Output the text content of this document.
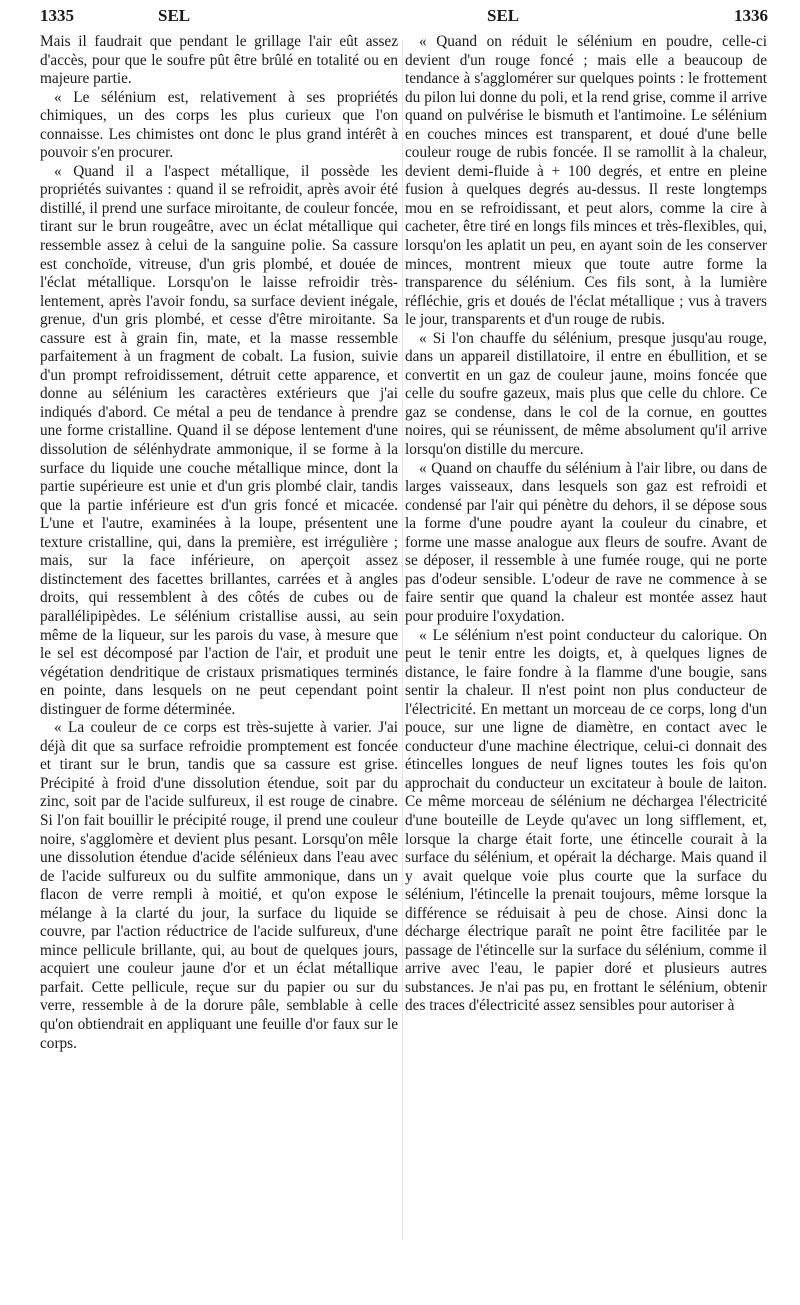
1335	SEL	SEL	1336

Mais il faudrait que pendant le grillage l'air eût assez d'accès, pour que le soufre pût être brûlé en totalité ou en majeure partie.

« Le sélénium est, relativement à ses propriétés chimiques, un des corps les plus curieux que l'on connaisse. Les chimistes ont donc le plus grand intérêt à pouvoir s'en procurer.

« Quand il a l'aspect métallique, il possède les propriétés suivantes : quand il se refroidit, après avoir été distillé, il prend une surface miroitante, de couleur foncée, tirant sur le brun rougeâtre, avec un éclat métallique qui ressemble assez à celui de la sanguine polie. Sa cassure est conchoïde, vitreuse, d'un gris plombé, et douée de l'éclat métallique. Lorsqu'on le laisse refroidir très-lentement, après l'avoir fondu, sa surface devient inégale, grenue, d'un gris plombé, et cesse d'être miroitante. Sa cassure est à grain fin, mate, et la masse ressemble parfaitement à un fragment de cobalt. La fusion, suivie d'un prompt refroidissement, détruit cette apparence, et donne au sélénium les caractères extérieurs que j'ai indiqués d'abord. Ce métal a peu de tendance à prendre une forme cristalline. Quand il se dépose lentement d'une dissolution de sélénhydrate ammonique, il se forme à la surface du liquide une couche métallique mince, dont la partie supérieure est unie et d'un gris plombé clair, tandis que la partie inférieure est d'un gris foncé et micacée. L'une et l'autre, examinées à la loupe, présentent une texture cristalline, qui, dans la première, est irrégulière ; mais, sur la face inférieure, on aperçoit assez distinctement des facettes brillantes, carrées et à angles droits, qui ressemblent à des côtés de cubes ou de parallélipipèdes. Le sélénium cristallise aussi, au sein même de la liqueur, sur les parois du vase, à mesure que le sel est décomposé par l'action de l'air, et produit une végétation dendritique de cristaux prismatiques terminés en pointe, dans lesquels on ne peut cependant point distinguer de forme déterminée.

« La couleur de ce corps est très-sujette à varier. J'ai déjà dit que sa surface refroidie promptement est foncée et tirant sur le brun, tandis que sa cassure est grise. Précipité à froid d'une dissolution étendue, soit par du zinc, soit par de l'acide sulfureux, il est rouge de cinabre. Si l'on fait bouillir le précipité rouge, il prend une couleur noire, s'agglomère et devient plus pesant. Lorsqu'on mêle une dissolution étendue d'acide sélénieux dans l'eau avec de l'acide sulfureux ou du sulfite ammonique, dans un flacon de verre rempli à moitié, et qu'on expose le mélange à la clarté du jour, la surface du liquide se couvre, par l'action réductrice de l'acide sulfureux, d'une mince pellicule brillante, qui, au bout de quelques jours, acquiert une couleur jaune d'or et un éclat métallique parfait. Cette pellicule, reçue sur du papier ou sur du verre, ressemble à de la dorure pâle, semblable à celle qu'on obtiendrait en appliquant une feuille d'or faux sur le corps.

« Quand on réduit le sélénium en poudre, celle-ci devient d'un rouge foncé ; mais elle a beaucoup de tendance à s'agglomérer sur quelques points : le frottement du pilon lui donne du poli, et la rend grise, comme il arrive quand on pulvérise le bismuth et l'antimoine. Le sélénium en couches minces est transparent, et doué d'une belle couleur rouge de rubis foncée. Il se ramollit à la chaleur, devient demi-fluide à + 100 degrés, et entre en pleine fusion à quelques degrés au-dessus. Il reste longtemps mou en se refroidissant, et peut alors, comme la cire à cacheter, être tiré en longs fils minces et très-flexibles, qui, lorsqu'on les aplatit un peu, en ayant soin de les conserver minces, montrent mieux que toute autre forme la transparence du sélénium. Ces fils sont, à la lumière réfléchie, gris et doués de l'éclat métallique ; vus à travers le jour, transparents et d'un rouge de rubis.

« Si l'on chauffe du sélénium, presque jusqu'au rouge, dans un appareil distillatoire, il entre en ébullition, et se convertit en un gaz de couleur jaune, moins foncée que celle du soufre gazeux, mais plus que celle du chlore. Ce gaz se condense, dans le col de la cornue, en gouttes noires, qui se réunissent, de même absolument qu'il arrive lorsqu'on distille du mercure.

« Quand on chauffe du sélénium à l'air libre, ou dans de larges vaisseaux, dans lesquels son gaz est refroidi et condensé par l'air qui pénètre du dehors, il se dépose sous la forme d'une poudre ayant la couleur du cinabre, et forme une masse analogue aux fleurs de soufre. Avant de se déposer, il ressemble à une fumée rouge, qui ne porte pas d'odeur sensible. L'odeur de rave ne commence à se faire sentir que quand la chaleur est montée assez haut pour produire l'oxydation.

« Le sélénium n'est point conducteur du calorique. On peut le tenir entre les doigts, et, à quelques lignes de distance, le faire fondre à la flamme d'une bougie, sans sentir la chaleur. Il n'est point non plus conducteur de l'électricité. En mettant un morceau de ce corps, long d'un pouce, sur une ligne de diamètre, en contact avec le conducteur d'une machine électrique, celui-ci donnait des étincelles longues de neuf lignes toutes les fois qu'on approchait du conducteur un excitateur à boule de laiton. Ce même morceau de sélénium ne déchargea l'électricité d'une bouteille de Leyde qu'avec un long sifflement, et, lorsque la charge était forte, une étincelle courait à la surface du sélénium, et opérait la décharge. Mais quand il y avait quelque voie plus courte que la surface du sélénium, l'étincelle la prenait toujours, même lorsque la différence se réduisait à peu de chose. Ainsi donc la décharge électrique paraît ne point être facilitée par le passage de l'étincelle sur la surface du sélénium, comme il arrive avec l'eau, le papier doré et plusieurs autres substances. Je n'ai pas pu, en frottant le sélénium, obtenir des traces d'électricité assez sensibles pour autoriser à
